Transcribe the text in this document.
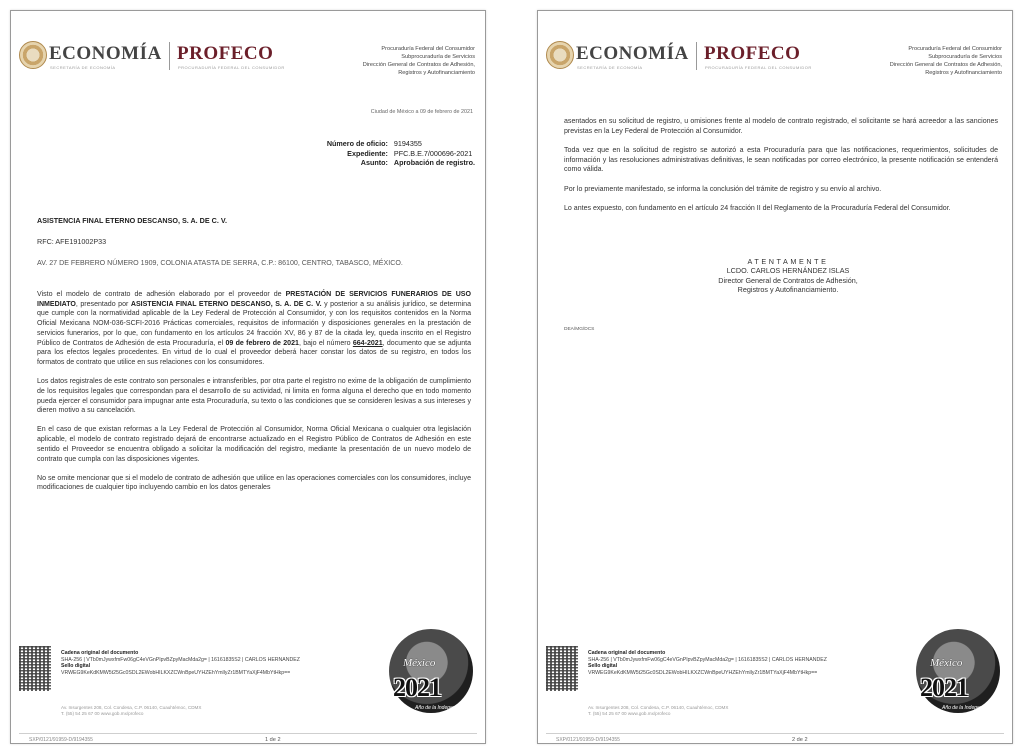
ECONOMÍA
SECRETARÍA DE ECONOMÍA
PROFECO
PROCURADURÍA FEDERAL DEL CONSUMIDOR
Procuraduría Federal del Consumidor
Subprocuraduría de Servicios
Dirección General de Contratos de Adhesión,
Registros y Autofinanciamiento
Ciudad de México a 09 de febrero de 2021
Número de oficio:	9194355
Expediente:	PFC.B.E.7/000696-2021
Asunto:	Aprobación de registro.
ASISTENCIA FINAL ETERNO DESCANSO, S. A. DE C. V.
RFC: AFE191002P33
AV. 27 DE FEBRERO NÚMERO 1909, COLONIA ATASTA DE SERRA, C.P.: 86100, CENTRO, TABASCO, MÉXICO.

Visto el modelo de contrato de adhesión elaborado por el proveedor de PRESTACIÓN DE SERVICIOS FUNERARIOS DE USO INMEDIATO, presentado por ASISTENCIA FINAL ETERNO DESCANSO, S. A. DE C. V. y posterior a su análisis jurídico, se determina que cumple con la normatividad aplicable de la Ley Federal de Protección al Consumidor, y con los requisitos contenidos en la Norma Oficial Mexicana NOM-036-SCFI-2016 Prácticas comerciales, requisitos de información y disposiciones generales en la prestación de servicios funerarios, por lo que, con fundamento en los artículos 24 fracción XV, 86 y 87 de la citada ley, queda inscrito en el Registro Público de Contratos de Adhesión de esta Procuraduría, el 09 de febrero de 2021, bajo el número 664-2021, documento que se adjunta para los efectos legales procedentes. En virtud de lo cual el proveedor deberá hacer constar los datos de su registro, en todos los formatos de contrato que utilice en sus relaciones con los consumidores.

Los datos registrales de este contrato son personales e intransferibles, por otra parte el registro no exime de la obligación de cumplimiento de los requisitos legales que correspondan para el desarrollo de su actividad, ni limita en forma alguna el derecho que en todo momento pueda ejercer el consumidor para impugnar ante esta Procuraduría, su texto o las condiciones que se consideren lesivas a sus intereses y dieren motivo a su cancelación.

En el caso de que existan reformas a la Ley Federal de Protección al Consumidor, Norma Oficial Mexicana o cualquier otra legislación aplicable, el modelo de contrato registrado dejará de encontrarse actualizado en el Registro Público de Contratos de Adhesión en este sentido el Proveedor se encuentra obligado a solicitar la modificación del registro, mediante la presentación de un nuevo modelo de contrato que cumpla con las disposiciones vigentes.

No se omite mencionar que si el modelo de contrato de adhesión que utilice en las operaciones comerciales con los consumidores, incluye modificaciones de cualquier tipo incluyendo cambio en los datos generales

Cadena original del documento
SHA-256 | VTb0mJywxfmFw06gC4eVGnPIpvBZpyMacMda2g= | 16161835S2 | CARLOS HERNÁNDEZ
Sello digital
VRWEG9KeKdKMW5t25Gc0SDL2EWobHILKXZCWnBpeUYHZEhYmllyZr1BMTYaXjF4MbYtHkp==
Av. Insurgentes 208, Col. Condesa, C.P. 06140, Cuauhtémoc, CDMX
T. (55) 54 25 67 00 www.gob.mx/profeco
México
2021
Año de la Independencia
SXP/0121/91959-D/9194355	1 de 2
ECONOMÍA
SECRETARÍA DE ECONOMÍA
PROFECO
PROCURADURÍA FEDERAL DEL CONSUMIDOR
Procuraduría Federal del Consumidor
Subprocuraduría de Servicios
Dirección General de Contratos de Adhesión,
Registros y Autofinanciamiento

asentados en su solicitud de registro, u omisiones frente al modelo de contrato registrado, el solicitante se hará acreedor a las sanciones previstas en la Ley Federal de Protección al Consumidor.

Toda vez que en la solicitud de registro se autorizó a esta Procuraduría para que las notificaciones, requerimientos, solicitudes de información y las resoluciones administrativas definitivas, le sean notificadas por correo electrónico, la presente notificación se entenderá como válida.

Por lo previamente manifestado, se informa la conclusión del trámite de registro y su envío al archivo.

Lo antes expuesto, con fundamento en el artículo 24 fracción II del Reglamento de la Procuraduría Federal del Consumidor.

ATENTAMENTE
LCDO. CARLOS HERNÁNDEZ ISLAS
Director General de Contratos de Adhesión,
Registros y Autofinanciamiento.
DEA/MG/DCS
Cadena original del documento
SHA-256 | VTb0mJywxfmFw06gC4eVGnPIpvBZpyMacMda2g= | 16161835S2 | CARLOS HERNÁNDEZ
Sello digital
VRWEG9KeKdKMW5t25Gc0SDL2EWobHILKXZCWnBpeUYHZEhYmllyZr1BMTYaXjF4MbYtHkp==
Av. Insurgentes 208, Col. Condesa, C.P. 06140, Cuauhtémoc, CDMX
T. (55) 54 25 67 00 www.gob.mx/profeco
México
2021
Año de la Independencia
SXP/0121/91959-D/9194355	2 de 2
